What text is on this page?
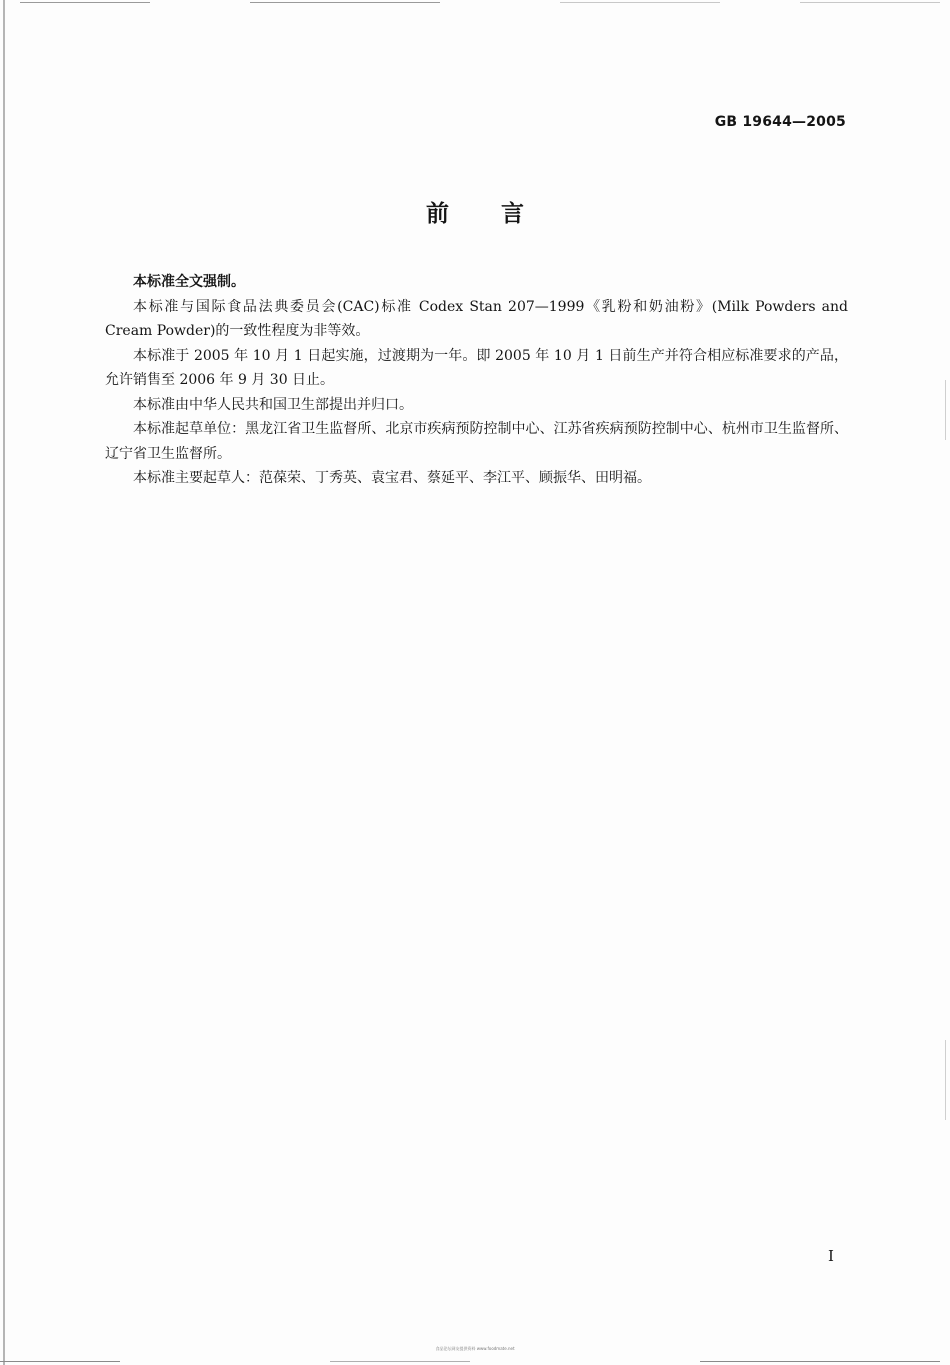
GB 19644—2005
前言

本标准全文强制。

本标准与国际食品法典委员会(CAC)标准 Codex Stan 207—1999《乳粉和奶油粉》(Milk Powders and Cream Powder)的一致性程度为非等效。

本标准于 2005 年 10 月 1 日起实施，过渡期为一年。即 2005 年 10 月 1 日前生产并符合相应标准要求的产品，允许销售至 2006 年 9 月 30 日止。

本标准由中华人民共和国卫生部提出并归口。

本标准起草单位：黑龙江省卫生监督所、北京市疾病预防控制中心、江苏省疾病预防控制中心、杭州市卫生监督所、辽宁省卫生监督所。

本标准主要起草人：范葆荣、丁秀英、袁宝君、蔡延平、李江平、顾振华、田明福。

I
食品论坛网友提供资料 www.foodmate.net
